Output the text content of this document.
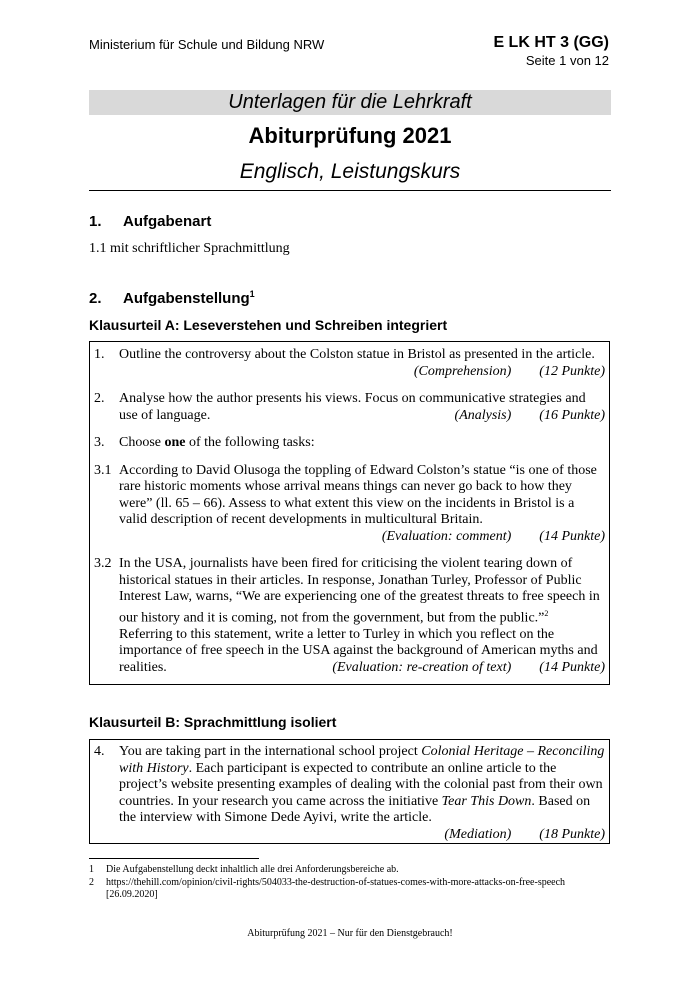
Ministerium für Schule und Bildung NRW	E LK HT 3 (GG)
Seite 1 von 12
Unterlagen für die Lehrkraft
Abiturprüfung 2021
Englisch, Leistungskurs
1. Aufgabenart
1.1 mit schriftlicher Sprachmittlung
2. Aufgabenstellung$^1$
Klausurteil A: Leseverstehen und Schreiben integriert
1. Outline the controversy about the Colston statue in Bristol as presented in the article.
(Comprehension) (12 Punkte)
2. Analyse how the author presents his views. Focus on communicative strategies and
use of language.	(Analysis) (16 Punkte)
3. Choose one of the following tasks:
3.1 According to David Olusoga the toppling of Edward Colston’s statue “is one of those rare historic moments whose arrival means things can never go back to how they were” (ll. 65 – 66). Assess to what extent this view on the incidents in Bristol is a valid description of recent developments in multicultural Britain.
(Evaluation: comment) (14 Punkte)
3.2 In the USA, journalists have been fired for criticising the violent tearing down of historical statues in their articles. In response, Jonathan Turley, Professor of Public Interest Law, warns, “We are experiencing one of the greatest threats to free speech in our history and it is coming, not from the government, but from the public.”$^2$ Referring to this statement, write a letter to Turley in which you reflect on the importance of free speech in the USA against the background of American myths and
realities.	(Evaluation: re-creation of text) (14 Punkte)
Klausurteil B: Sprachmittlung isoliert
4. You are taking part in the international school project Colonial Heritage – Reconciling with History. Each participant is expected to contribute an online article to the project’s website presenting examples of dealing with the colonial past from their own countries. In your research you came across the initiative Tear This Down. Based on the interview with Simone Dede Ayivi, write the article.
(Mediation) (18 Punkte)
1 Die Aufgabenstellung deckt inhaltlich alle drei Anforderungsbereiche ab.
2 https://thehill.com/opinion/civil-rights/504033-the-destruction-of-statues-comes-with-more-attacks-on-free-speech [26.09.2020]
Abiturprüfung 2021 – Nur für den Dienstgebrauch!
